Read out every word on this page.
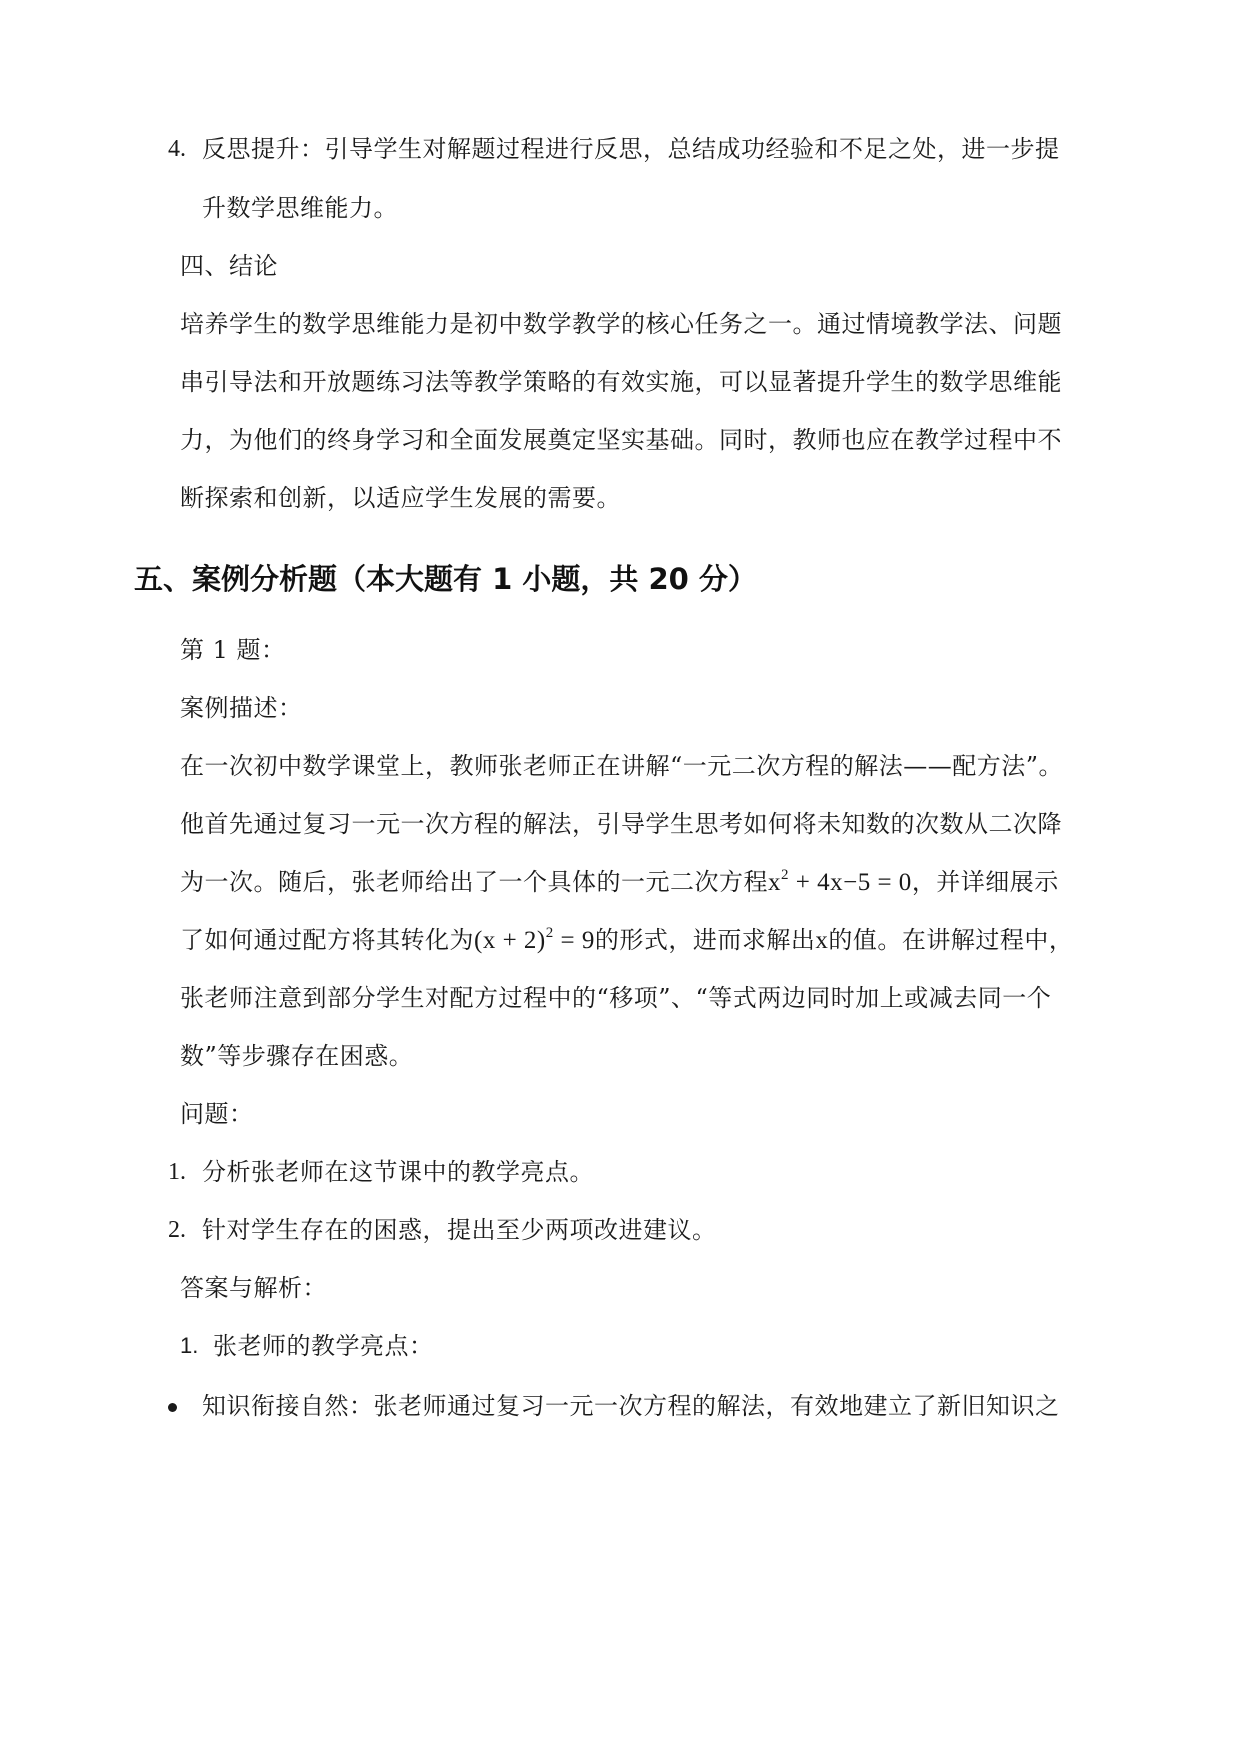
4. 反思提升：引导学生对解题过程进行反思，总结成功经验和不足之处，进一步提
升数学思维能力。
四、结论
培养学生的数学思维能力是初中数学教学的核心任务之一。通过情境教学法、问题
串引导法和开放题练习法等教学策略的有效实施，可以显著提升学生的数学思维能
力，为他们的终身学习和全面发展奠定坚实基础。同时，教师也应在教学过程中不
断探索和创新，以适应学生发展的需要。
五、案例分析题（本大题有 1 小题，共 20 分）
第 1 题：
案例描述：
在一次初中数学课堂上，教师张老师正在讲解“一元二次方程的解法——配方法”。
他首先通过复习一元一次方程的解法，引导学生思考如何将未知数的次数从二次降
为一次。随后，张老师给出了一个具体的一元二次方程$x^2 + 4x-5 = 0$，并详细展示
了如何通过配方将其转化为$(x + 2)^2 = 9$的形式，进而求解出x的值。在讲解过程中，
张老师注意到部分学生对配方过程中的“移项”、“等式两边同时加上或减去同一个
数”等步骤存在困惑。
问题：
1. 分析张老师在这节课中的教学亮点。
2. 针对学生存在的困惑，提出至少两项改进建议。
答案与解析：
1. 张老师的教学亮点：
知识衔接自然：张老师通过复习一元一次方程的解法，有效地建立了新旧知识之
